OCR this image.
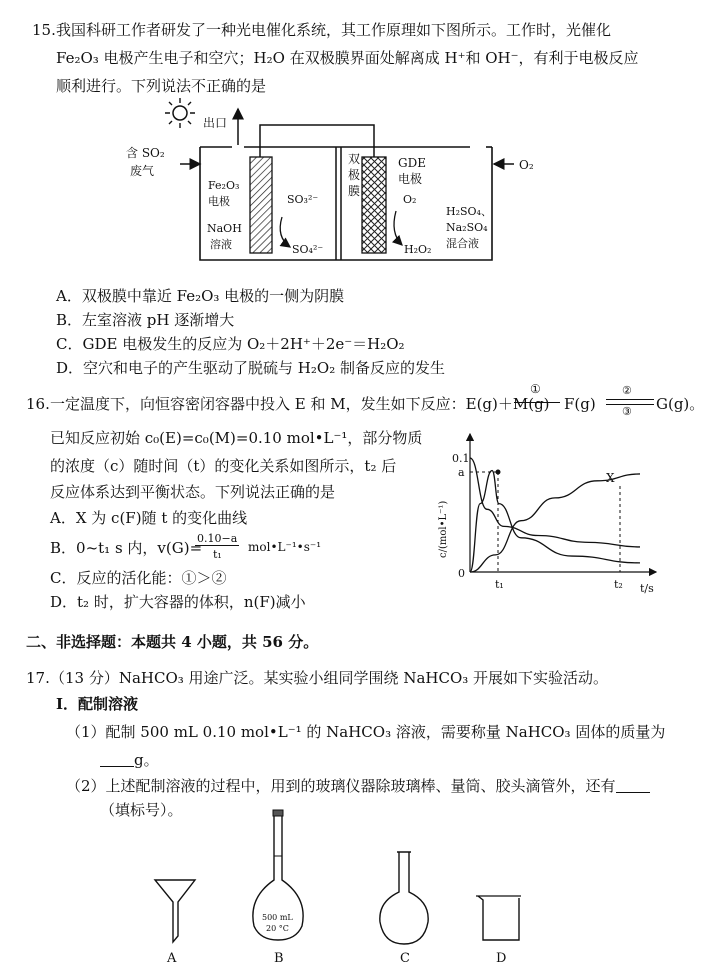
15. 我国科研工作者研发了一种光电催化系统，其工作原理如下图所示。工作时，光催化
Fe₂O₃ 电极产生电子和空穴；H₂O 在双极膜界面处解离成 H⁺和 OH⁻，有利于电极反应
顺利进行。下列说法不正确的是
出口
含 SO₂
废气	O₂
双
极
膜
Fe₂O₃
电极
NaOH
溶液
SO₃²⁻
SO₄²⁻
GDE
电极
O₂
H₂O₂
H₂SO₄、
Na₂SO₄
混合液
A．双极膜中靠近 Fe₂O₃ 电极的一侧为阴膜
B．左室溶液 pH 逐渐增大
C．GDE 电极发生的反应为 O₂＋2H⁺＋2e⁻＝H₂O₂
D．空穴和电子的产生驱动了脱硫与 H₂O₂ 制备反应的发生
16. 一定温度下，向恒容密闭容器中投入 E 和 M，发生如下反应：E(g)＋M(g)
①
F(g)
②
③ G(g)。
已知反应初始 c₀(E)=c₀(M)=0.10 mol•L⁻¹，部分物质
的浓度（c）随时间（t）的变化关系如图所示，t₂ 后
反应体系达到平衡状态。下列说法正确的是
A．X 为 c(F)随 t 的变化曲线
B．0~t₁ s 内，v(G)=
0.10−a
t₁
mol•L⁻¹•s⁻¹
C．反应的活化能：①＞②
D．t₂ 时，扩大容器的体积，n(F)减小
0.1
a
0
t₁	t₂ t/s
c/(mol•L⁻¹)
X
二、非选择题：本题共 4 小题，共 56 分。
17. （13 分）NaHCO₃ 用途广泛。某实验小组同学围绕 NaHCO₃ 开展如下实验活动。
I．配制溶液
（1）配制 500 mL 0.10 mol•L⁻¹ 的 NaHCO₃ 溶液，需要称量 NaHCO₃ 固体的质量为
g。
（2）上述配制溶液的过程中，用到的玻璃仪器除玻璃棒、量筒、胶头滴管外，还有
（填标号）。
A
500 mL
20 °C
B	C	D
